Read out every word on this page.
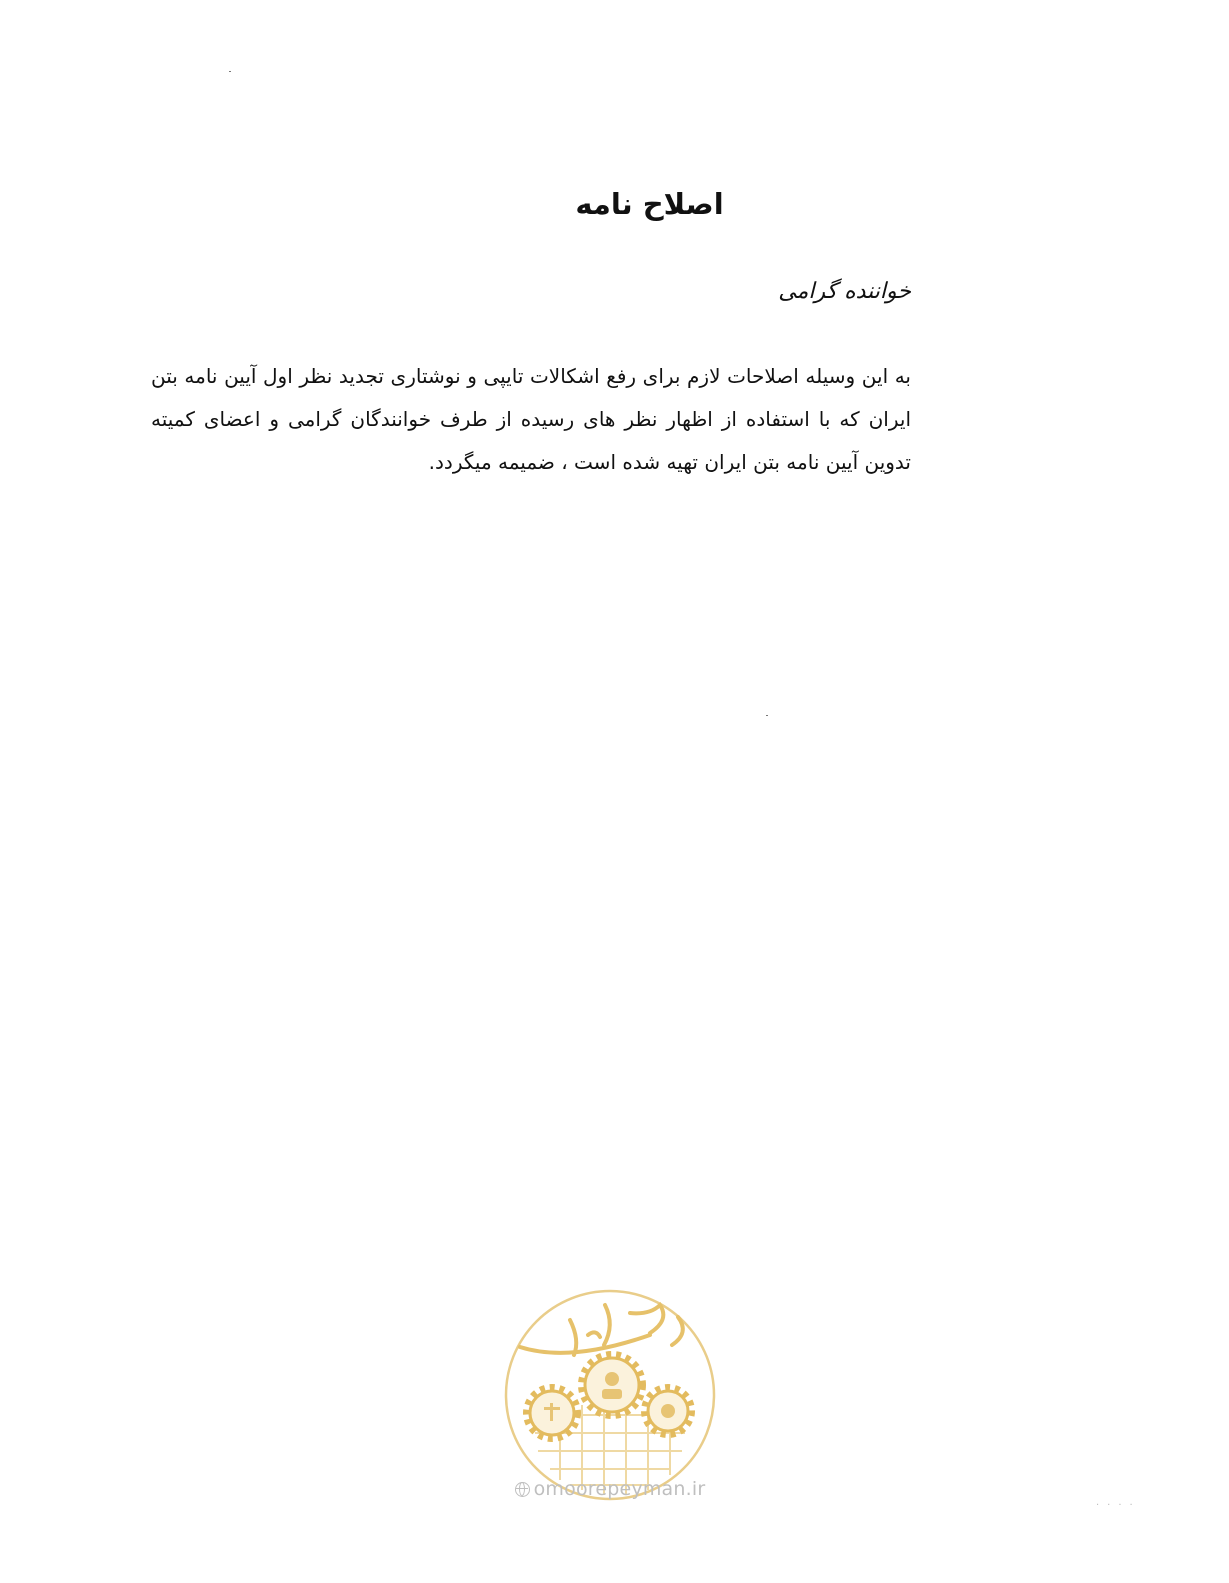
اصلاح نامه
خواننده گرامی
به این وسیله اصلاحات لازم برای رفع اشکالات تایپی و نوشتاری تجدید نظر اول آیین نامه بتن ایران که با استفاده از اظهار نظر های رسیده از طرف خوانندگان گرامی و اعضای کمیته تدوین آیین نامه بتن ایران تهیه شده است ، ضمیمه میگردد.
omoorepeyman.ir
····
